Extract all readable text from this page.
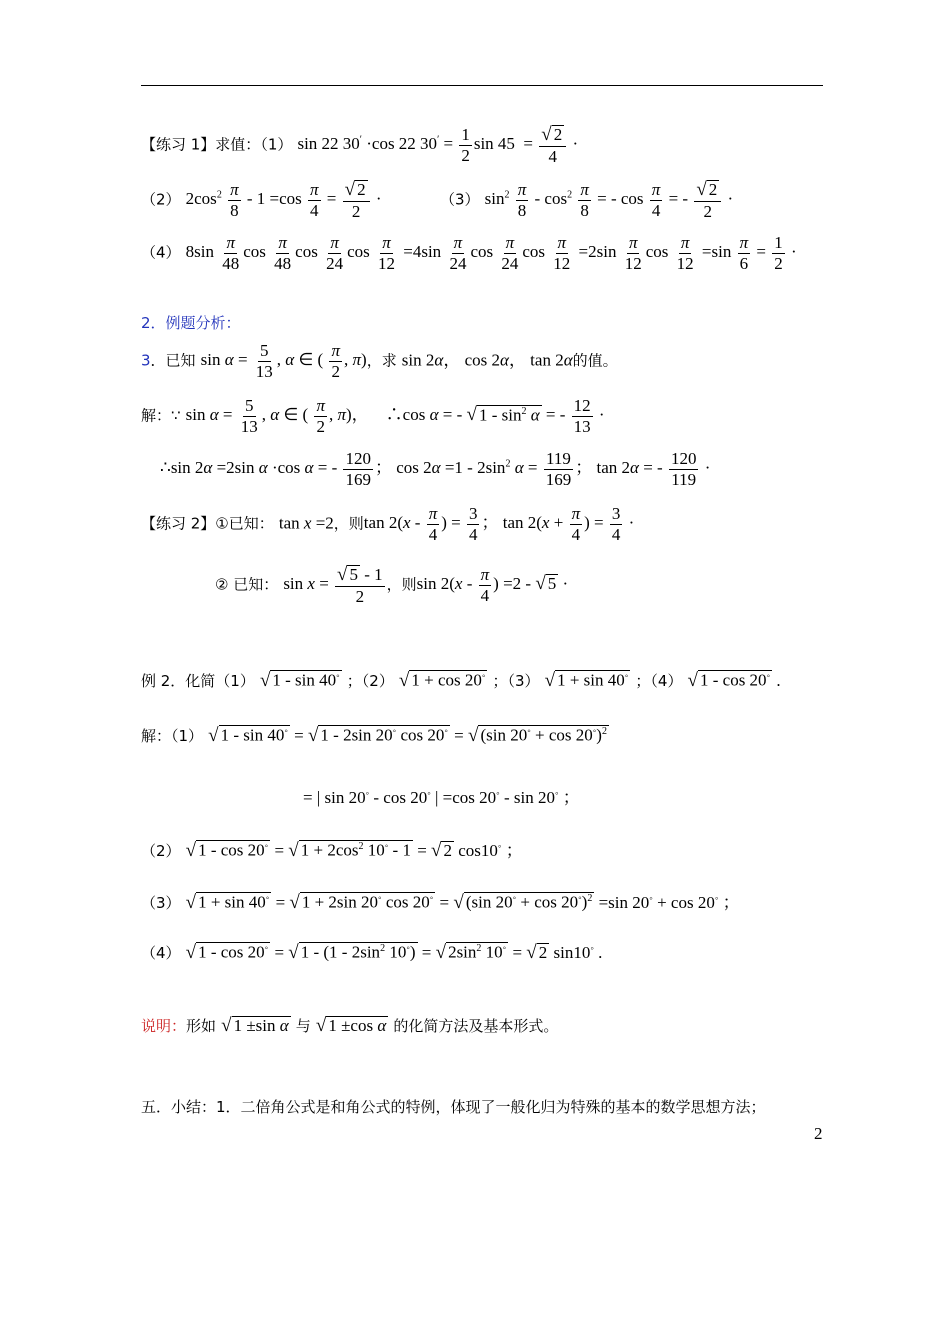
【练习 1】求值：（1） sin 22 30′ ·cos 22 $30' = \frac{1}{2}$ $\sin 45 = \frac{√ 2}{4}$ ·
（2） $2\cos^2 \frac{\pi}{8} - 1 =\cos \frac{\pi}{4} = \frac{√ 2}{2}$ ·	（3） $\sin^2 \frac{\pi}{8} - \cos^2 \frac{\pi}{8}$ = - $\cos \frac{\pi}{4}$ = - $\frac{√ 2}{2}$ ·
（4） $8\sin \frac{\pi}{48}$ $\cos \frac{\pi}{48}$ $\cos \frac{\pi}{24}$ $\cos \frac{\pi}{12} =4\sin \frac{\pi}{24}$ $\cos \frac{\pi}{24}$ $\cos \frac{\pi}{12} =2\sin \frac{\pi}{12}$ $\cos \frac{\pi}{12} =\sin \frac{\pi}{6} = \frac{1}{2}$ ·
2．例题分析：
3．已知 $\sin \alpha = \frac{5}{13}$ , α ∈ ( $\frac{\pi}{2}$ , π)，求 sin 2α， cos 2α， tan 2α的值。
解：∵ $\sin \alpha = \frac{5}{13}$ , α ∈ ( $\frac{\pi}{2}$ , π)，    ∴cos α = - √ $1 - \sin^2 \alpha$ = - $\frac{12}{13}$ ·
∴sin 2α =2sin α ·cos α = - $\frac{120}{169}$ ； $\cos 2\alpha =1 - 2\sin^2$ $\alpha = \frac{119}{169}$ ； tan 2α = - $\frac{120}{119}$ ·
【练习 2】①已知： tan x =2，则$\tan 2(x - \frac{\pi}{4}$ ) = $\frac{3}{4}$ ； $\tan 2(x + \frac{\pi}{4}$ ) = $\frac{3}{4}$ ·
② 已知： $\sin x = \frac{√ 5 - 1}{2}$ ，则$\sin 2(x - \frac{\pi}{4}$ ) =2 - √ 5 ·
例 2．化简（1） √ 1 - sin 40◦ ；（2） √ 1 + cos 20◦ ；（3） √ 1 + sin 40◦ ；（4） √ 1 - cos 20◦ .
解：（1） √ 1 - sin 40◦ = √ 1 - 2sin 20◦ cos 20◦ = √ (sin 20◦ + cos 20◦)$^2$
= | sin 20◦ - cos 20◦ | =cos 20◦ - sin 20◦ ；
（2） √ 1 - cos 20◦ = √ $1 + 2\cos^2$ 10◦ - 1 = √ 2 cos10◦ ；
（3） √ 1 + sin 40◦ = √ 1 + 2sin 20◦ cos 20◦ = √ (sin 20◦ + cos 20◦)$^2$ =sin 20◦ + cos 20◦ ；
（4） √ 1 - cos 20◦ = √ $1 - (1 - 2\sin^2$ 10◦) = √ $2\sin^2$ 10◦ = √ 2 sin10◦ .
说明：形如 √ 1 ±sin α 与 √ 1 ±cos α 的化简方法及基本形式。
五．小结：1．二倍角公式是和角公式的特例，体现了一般化归为特殊的基本的数学思想方法；
2
